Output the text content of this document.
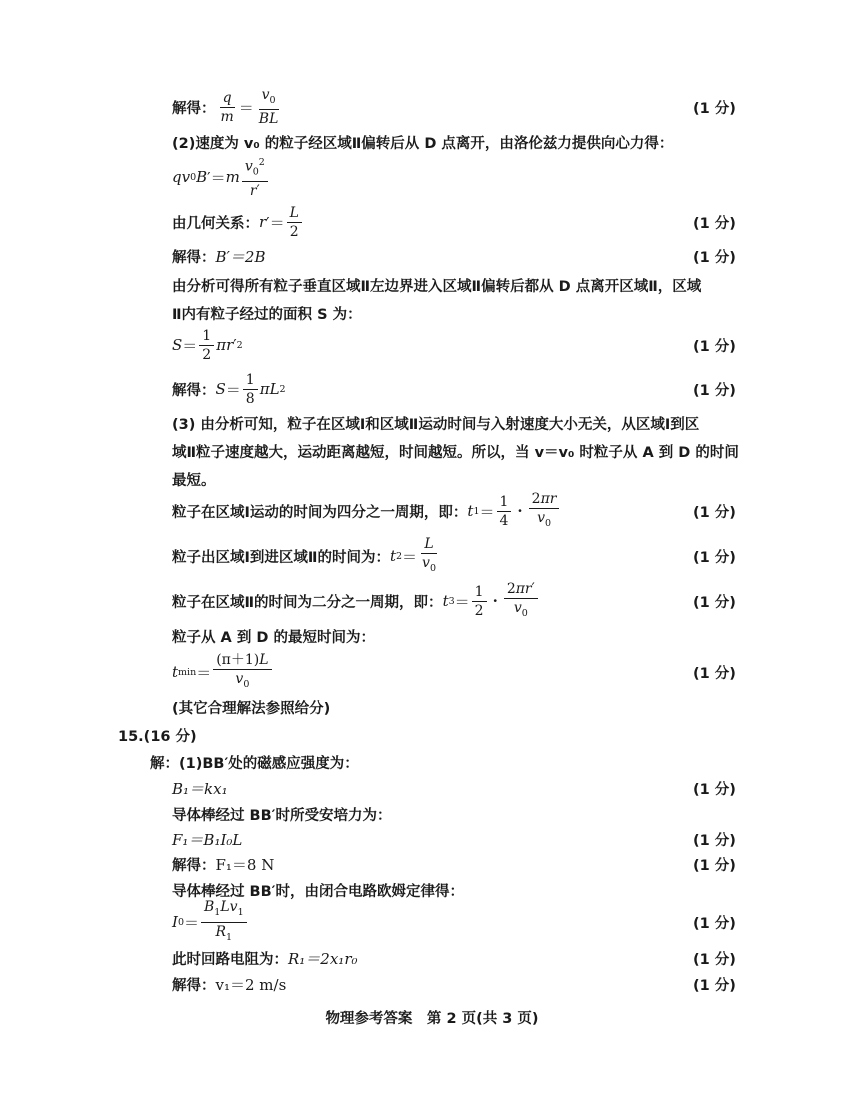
解得： $\frac{q}{m} = \frac{v_0}{BL}$	(1 分)
(2)速度为 v₀ 的粒子经区域Ⅱ偏转后从 D 点离开，由洛伦兹力提供向心力得：
q v 0 B ′＝ m $\frac{v_0^2}{r'}$
由几何关系： r ′＝ $\frac{L}{2}$	(1 分)
解得： B′＝2B	(1 分)
由分析可得所有粒子垂直区域Ⅱ左边界进入区域Ⅱ偏转后都从 D 点离开区域Ⅱ，区域
Ⅱ内有粒子经过的面积 S 为：
$S = \frac{1}{2}$ πr ′ 2	(1 分)
解得： $S = \frac{1}{8}$ πL 2	(1 分)
(3) 由分析可知，粒子在区域Ⅰ和区域Ⅱ运动时间与入射速度大小无关，从区域Ⅰ到区
域Ⅱ粒子速度越大，运动距离越短，时间越短。所以，当 v＝v₀ 时粒子从 A 到 D 的时间
最短。
粒子在区域Ⅰ运动的时间为四分之一周期，即： t $1 = \frac{1}{4} \cdot \frac{2\pi r}{v_0}$	(1 分)
粒子出区域Ⅰ到进区域Ⅱ的时间为： t $2 = \frac{L}{v_0}$	(1 分)
粒子在区域Ⅱ的时间为二分之一周期，即： t $3 = \frac{1}{2} \cdot \frac{2\pi r'}{v_0}$	(1 分)
粒子从 A 到 D 的最短时间为：
t $\min = \frac{(\pi+1)L}{v_0}$	(1 分)
(其它合理解法参照给分)
15.(16 分)
解：(1)BB′处的磁感应强度为：
B₁＝kx₁	(1 分)
导体棒经过 BB′时所受安培力为：
F₁＝B₁I₀L	(1 分)
解得： F₁＝8 N	(1 分)
导体棒经过 BB′时，由闭合电路欧姆定律得：
I $0 = \frac{B_1Lv_1}{R_1}$	(1 分)
此时回路电阻为： R₁＝2x₁r₀	(1 分)
解得： v₁＝2 m/s	(1 分)
物理参考答案　第 2 页(共 3 页)
